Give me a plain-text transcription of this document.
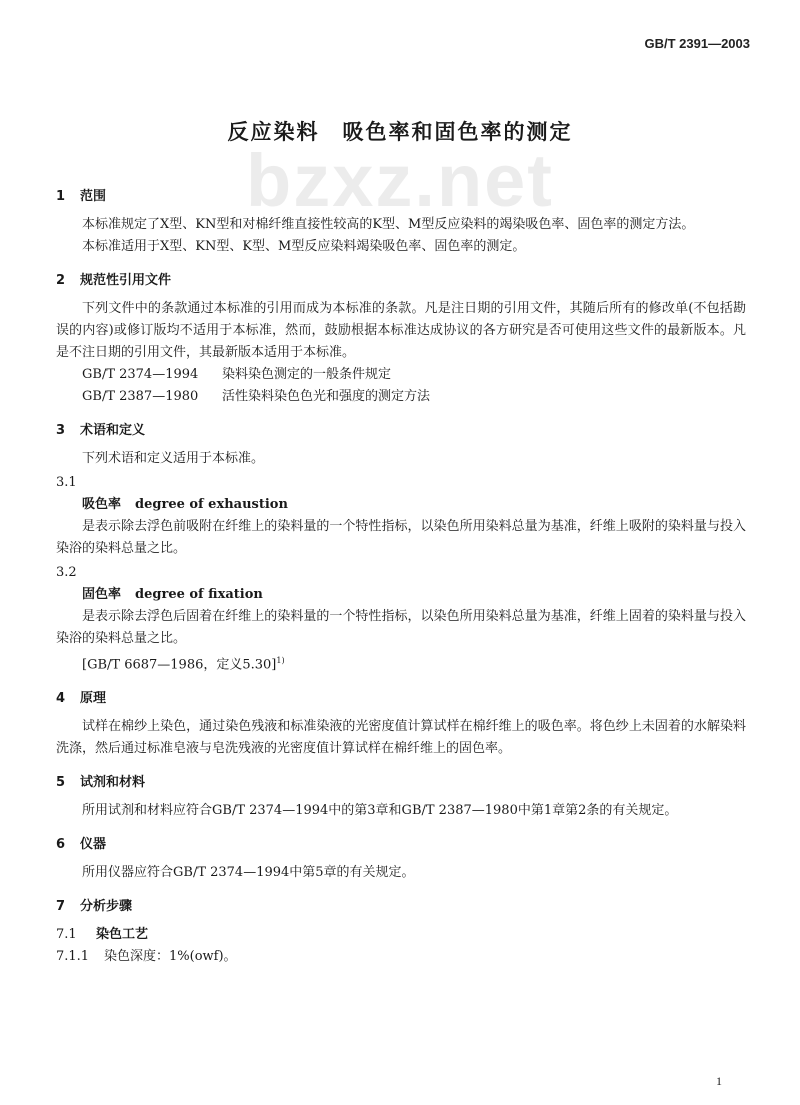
GB/T 2391—2003
bzxz.net
反应染料　吸色率和固色率的测定
1 范围
本标准规定了X型、KN型和对棉纤维直接性较高的K型、M型反应染料的竭染吸色率、固色率的测定方法。
本标准适用于X型、KN型、K型、M型反应染料竭染吸色率、固色率的测定。
2 规范性引用文件
下列文件中的条款通过本标准的引用而成为本标准的条款。凡是注日期的引用文件，其随后所有的修改单(不包括勘误的内容)或修订版均不适用于本标准，然而，鼓励根据本标准达成协议的各方研究是否可使用这些文件的最新版本。凡是不注日期的引用文件，其最新版本适用于本标准。
GB/T 2374—1994 染料染色测定的一般条件规定
GB/T 2387—1980 活性染料染色色光和强度的测定方法
3 术语和定义
下列术语和定义适用于本标准。
3.1
吸色率 degree of exhaustion
是表示除去浮色前吸附在纤维上的染料量的一个特性指标，以染色所用染料总量为基准，纤维上吸附的染料量与投入染浴的染料总量之比。
3.2
固色率 degree of fixation
是表示除去浮色后固着在纤维上的染料量的一个特性指标，以染色所用染料总量为基准，纤维上固着的染料量与投入染浴的染料总量之比。
[GB/T 6687—1986，定义5.30]$^{1)}$
4 原理
试样在棉纱上染色，通过染色残液和标准染液的光密度值计算试样在棉纤维上的吸色率。将色纱上未固着的水解染料洗涤，然后通过标准皂液与皂洗残液的光密度值计算试样在棉纤维上的固色率。
5 试剂和材料
所用试剂和材料应符合GB/T 2374—1994中的第3章和GB/T 2387—1980中第1章第2条的有关规定。
6 仪器
所用仪器应符合GB/T 2374—1994中第5章的有关规定。
7 分析步骤
7.1 染色工艺
7.1.1 染色深度：1%(owf)。
1
